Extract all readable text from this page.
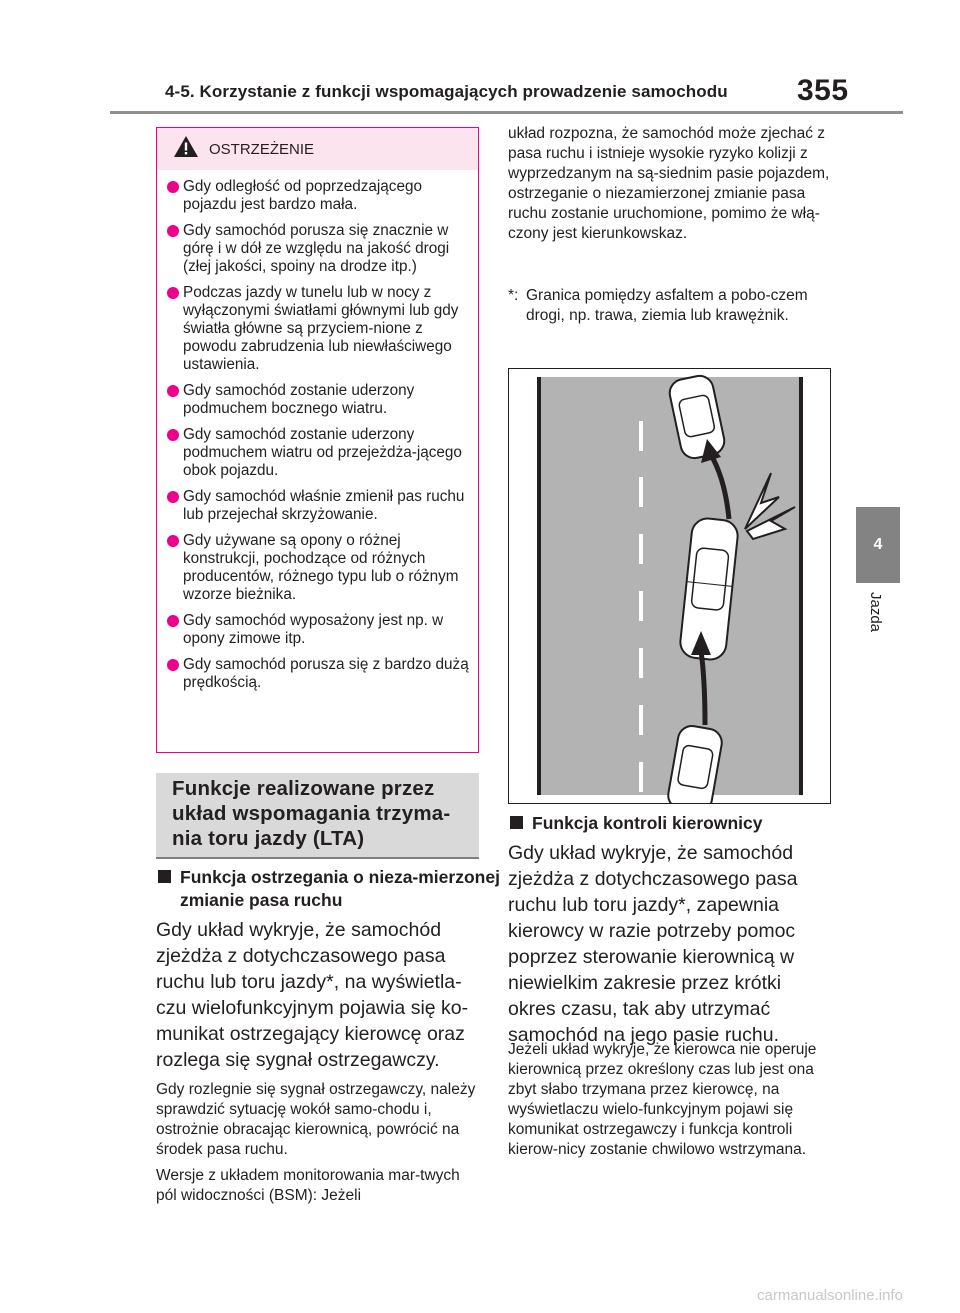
4-5. Korzystanie z funkcji wspomagających prowadzenie samochodu 355
4
Jazda
OSTRZEŻENIE
Gdy odległość od poprzedzającego pojazdu jest bardzo mała.
Gdy samochód porusza się znacznie w górę i w dół ze względu na jakość drogi (złej jakości, spoiny na drodze itp.)
Podczas jazdy w tunelu lub w nocy z wyłączonymi światłami głównymi lub gdy światła główne są przyciem-nione z powodu zabrudzenia lub niewłaściwego ustawienia.
Gdy samochód zostanie uderzony podmuchem bocznego wiatru.
Gdy samochód zostanie uderzony podmuchem wiatru od przejeżdża-jącego obok pojazdu.
Gdy samochód właśnie zmienił pas ruchu lub przejechał skrzyżowanie.
Gdy używane są opony o różnej konstrukcji, pochodzące od różnych producentów, różnego typu lub o różnym wzorze bieżnika.
Gdy samochód wyposażony jest np. w opony zimowe itp.
Gdy samochód porusza się z bardzo dużą prędkością.
Funkcje realizowane przez układ wspomagania trzyma-nia toru jazdy (LTA)
Funkcja ostrzegania o nieza-mierzonej zmianie pasa ruchu
Gdy układ wykryje, że samochód zjeżdża z dotychczasowego pasa ruchu lub toru jazdy*, na wyświetla-czu wielofunkcyjnym pojawia się ko-munikat ostrzegający kierowcę oraz rozlega się sygnał ostrzegawczy.
Gdy rozlegnie się sygnał ostrzegawczy, należy sprawdzić sytuację wokół samo-chodu i, ostrożnie obracając kierownicą, powrócić na środek pasa ruchu.
Wersje z układem monitorowania mar-twych pól widoczności (BSM): Jeżeli
układ rozpozna, że samochód może zjechać z pasa ruchu i istnieje wysokie ryzyko kolizji z wyprzedzanym na są-siednim pasie pojazdem, ostrzeganie o niezamierzonej zmianie pasa ruchu zostanie uruchomione, pomimo że włą-czony jest kierunkowskaz.
*: Granica pomiędzy asfaltem a pobo-czem drogi, np. trawa, ziemia lub krawężnik.
Funkcja kontroli kierownicy
Gdy układ wykryje, że samochód zjeżdża z dotychczasowego pasa ruchu lub toru jazdy*, zapewnia kierowcy w razie potrzeby pomoc poprzez sterowanie kierownicą w niewielkim zakresie przez krótki okres czasu, tak aby utrzymać samochód na jego pasie ruchu.
Jeżeli układ wykryje, że kierowca nie operuje kierownicą przez określony czas lub jest ona zbyt słabo trzymana przez kierowcę, na wyświetlaczu wielo-funkcyjnym pojawi się komunikat ostrzegawczy i funkcja kontroli kierow-nicy zostanie chwilowo wstrzymana.
carmanualsonline.info
